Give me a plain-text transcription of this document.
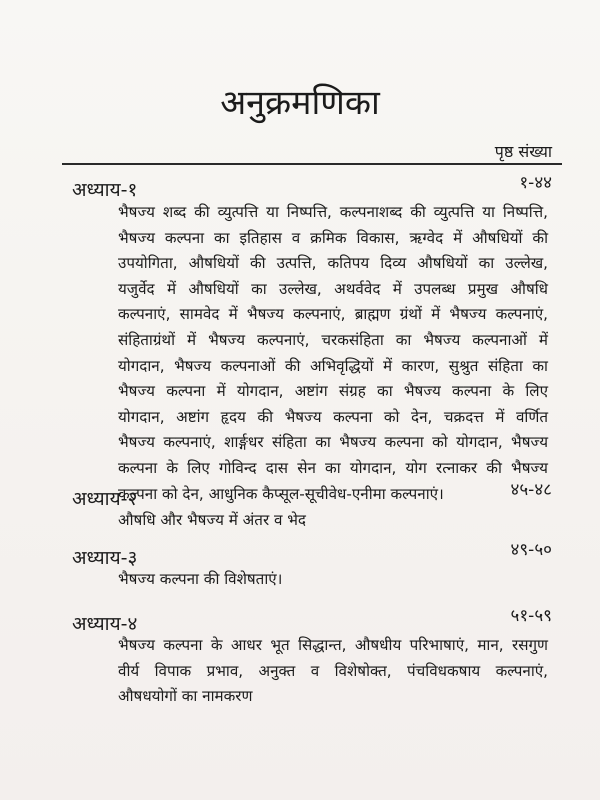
अनुक्रमणिका
पृष्ठ संख्या
अध्याय-१	१-४४
भैषज्य शब्द की व्युत्पत्ति या निष्पत्ति, कल्पनाशब्द की व्युत्पत्ति या निष्पत्ति,
भैषज्य कल्पना का इतिहास व क्रमिक विकास, ऋग्वेद में औषधियों की
उपयोगिता, औषधियों की उत्पत्ति, कतिपय दिव्य औषधियों का उल्लेख,
यजुर्वेद में औषधियों का उल्लेख, अथर्ववेद में उपलब्ध प्रमुख औषधि
कल्पनाएं, सामवेद में भैषज्य कल्पनाएं, ब्राह्मण ग्रंथों में भैषज्य कल्पनाएं,
संहिताग्रंथों में भैषज्य कल्पनाएं, चरकसंहिता का भैषज्य कल्पनाओं में
योगदान, भैषज्य कल्पनाओं की अभिवृद्धियों में कारण, सुश्रुत संहिता का
भैषज्य कल्पना में योगदान, अष्टांग संग्रह का भैषज्य कल्पना के लिए
योगदान, अष्टांग हृदय की भैषज्य कल्पना को देन, चक्रदत्त में वर्णित
भैषज्य कल्पनाएं, शार्ङ्गधर संहिता का भैषज्य कल्पना को योगदान, भैषज्य
कल्पना के लिए गोविन्द दास सेन का योगदान, योग रत्नाकर की भैषज्य
कल्पना को देन, आधुनिक कैप्सूल-सूचीवेध-एनीमा कल्पनाएं।	४५-४८
अध्याय-२
औषधि और भैषज्य में अंतर व भेद
४९-५०
अध्याय-३
भैषज्य कल्पना की विशेषताएं।
५१-५९
अध्याय-४
भैषज्य कल्पना के आधर भूत सिद्धान्त, औषधीय परिभाषाएं, मान, रसगुण
वीर्य विपाक प्रभाव, अनुक्त व विशेषोक्त, पंचविधकषाय कल्पनाएं,
औषधयोगों का नामकरण
